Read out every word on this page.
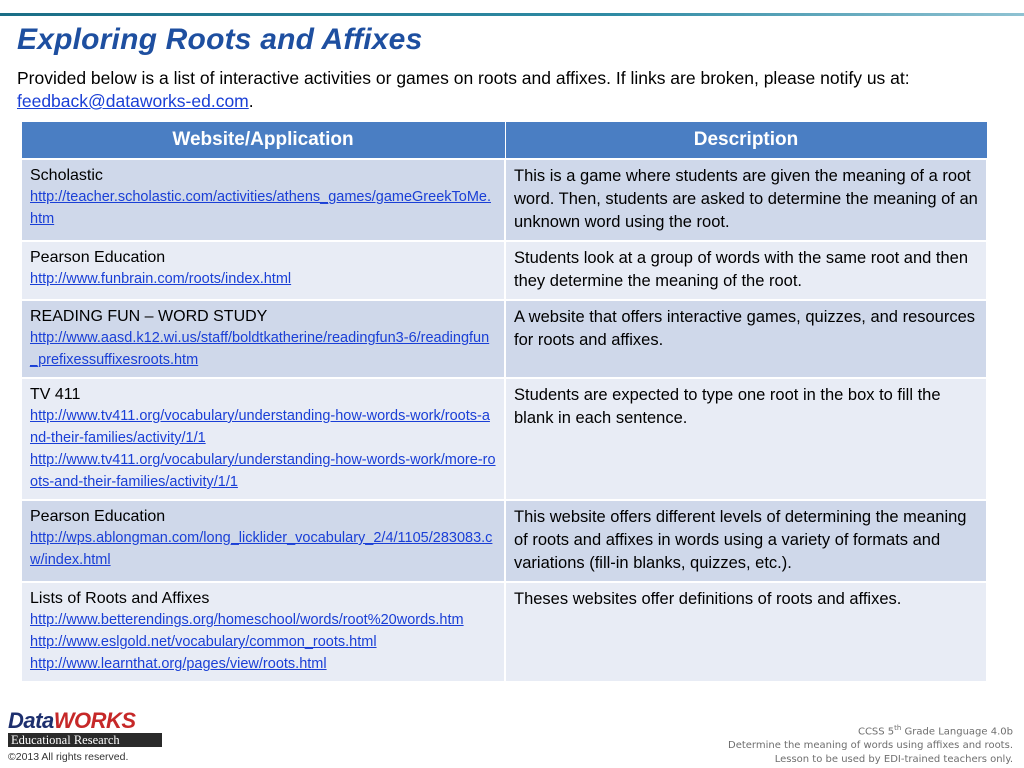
Exploring Roots and Affixes
Provided below is a list of interactive activities or games on roots and affixes. If links are broken, please notify us at:
feedback@dataworks-ed.com.
Website/Application	Description

Scholastic
http://teacher.scholastic.com/activities/athens_games/gameGreekToMe.htm	This is a game where students are given the meaning of a root word. Then, students are asked to determine the meaning of an unknown word using the root.

Pearson Education
http://www.funbrain.com/roots/index.html	Students look at a group of words with the same root and then they determine the meaning of the root.

READING FUN – WORD STUDY
http://www.aasd.k12.wi.us/staff/boldtkatherine/readingfun3-6/readingfun_prefixessuffixesroots.htm	A website that offers interactive games, quizzes, and resources for roots and affixes.

TV 411
http://www.tv411.org/vocabulary/understanding-how-words-work/roots-and-their-families/activity/1/1
http://www.tv411.org/vocabulary/understanding-how-words-work/more-roots-and-their-families/activity/1/1	Students are expected to type one root in the box to fill the blank in each sentence.

Pearson Education
http://wps.ablongman.com/long_licklider_vocabulary_2/4/1105/283083.cw/index.html	This website offers different levels of determining the meaning of roots and affixes in words using a variety of formats and variations (fill-in blanks, quizzes, etc.).

Lists of Roots and Affixes
http://www.betterendings.org/homeschool/words/root%20words.htm
http://www.eslgold.net/vocabulary/common_roots.html
http://www.learnthat.org/pages/view/roots.html	Theses websites offer definitions of roots and affixes.
DataWORKS
Educational Research
©2013 All rights reserved.
CCSS 5th Grade Language 4.0b
Determine the meaning of words using affixes and roots.
Lesson to be used by EDI-trained teachers only.
